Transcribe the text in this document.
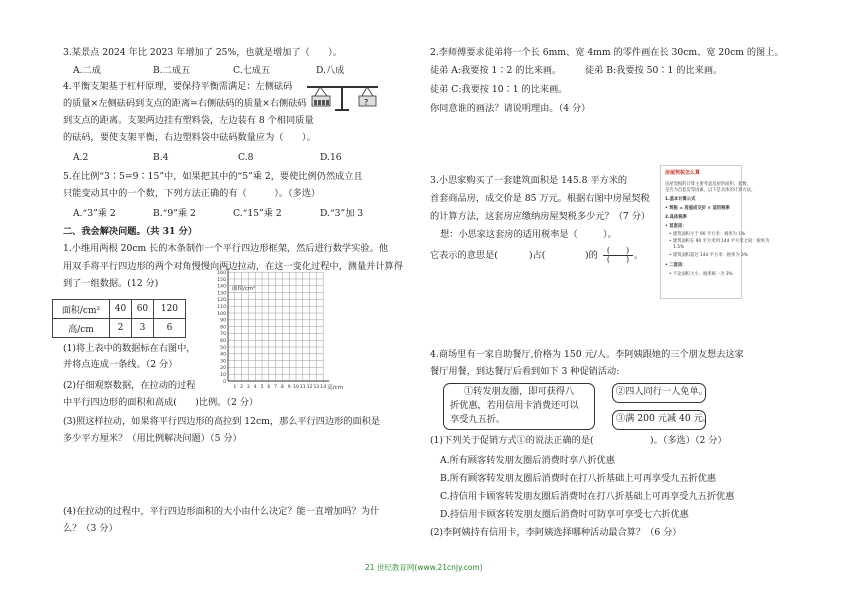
3.某景点 2024 年比 2023 年增加了 25%，也就是增加了（　　）。
A.二成	B.二成五	C.七成五	D.八成
4.平衡支架基于杠杆原理，要保持平衡需满足：左侧砝码
的质量×左侧砝码到支点的距离=右侧砝码的质量×右侧砝码
到支点的距离。支架两边挂有塑料袋，左边装有 8 个相同质量
的砝码，要使支架平衡，右边塑料袋中砝码数量应为（　　）。
?
A.2	B.4	C.8	D.16
5.在比例“3∶5=9∶15”中，如果把其中的“5”乘 2，要使比例仍然成立且
只能变动其中的一个数，下列方法正确的有（　　　）。（多选）
A.“3”乘 2	B.“9”乘 2	C.“15”乘 2	D.“3”加 3
二、我会解决问题。（共 31 分）
1.小维用两根 20cm 长的木条制作一个平行四边形框架，然后进行数学实验。他
用双手将平行四边形的两个对角慢慢向两边拉动，在这一变化过程中，测量并计算得
到了一组数据。(12 分)
面积/cm²	40	60	120
高/cm	2	3	6
0
10
20
30
40
50
60
70
80
90
100
110
120
130
140
150
160
1 2 3 4 5 6 7 8 9 10 11 12 13 14
面积/cm²
高/cm
(1)将上表中的数据标在右图中，
并将点连成一条线。（2 分）
(2)仔细观察数据，在拉动的过程
中平行四边形的面积和高成(　　)比例。（2 分）
(3)照这样拉动，如果将平行四边形的高拉到 12cm，那么平行四边形的面积是
多少平方厘米？（用比例解决问题）（5 分）
(4)在拉动的过程中，平行四边形面积的大小由什么决定？能一直增加吗？为什
么？（3 分）
2.李师傅要求徒弟将一个长 6mm、宽 4mm 的零件画在长 30cm、宽 20cm 的图上。
徒弟 A:我要按 1∶2 的比来画。	徒弟 B:我要按 50∶1 的比来画。
徒弟 C:我要按 10∶1 的比来画。
你同意谁的画法？请说明理由。（4 分）
3.小思家购买了一套建筑面积是 145.8 平方米的
首套商品房，成交价是 85 万元。根据右图中房屋契税
的计算方法，这套房应缴纳房屋契税多少元？（7 分）
想：小思家这套房的适用税率是（	）。
它表示的意思是(	)占(	)的	(　　)
(　　) 。
房屋契税怎么算
房屋契税的计算主要考虑房屋的面积、套数、
是否为首套房等因素，以下是具体的计算方法。
1.基本计算公式
• 契税 = 房屋成交价 × 适用税率
2.具体税率
• 首套房：
• 建筑面积小于 90 平方米：税率为 1%
• 建筑面积在 90 平方米到 144 平方米之间：税率为
　1.5%
• 建筑面积超过 144 平方米：税率为 3%
• 二套房：
• 不论面积大小，税率统一为 3%
4.商场里有一家自助餐厅,价格为 150 元/人。李阿姨跟她的三个朋友想去这家
餐厅用餐，到达餐厅后看到如下 3 种促销活动:
①转发朋友圈，即可获得八
折优惠，若用信用卡消费还可以
享受九五折。
②四人同行一人免单。
③满 200 元减 40 元。
(1)下列关于促销方式①的说法正确的是(	)。（多选）（2 分）
A.所有顾客转发朋友圈后消费时享八折优惠
B.所有顾客转发朋友圈后消费时在打八折基础上可再享受九五折优惠
C.持信用卡顾客转发朋友圈后消费时在打八折基础上可再享受九五折优惠
D.持信用卡顾客转发朋友圈后消费时可防享可享受七六折优惠
(2)李阿姨持有信用卡，李阿姨选择哪种活动最合算？（6 分）
21 世纪教育网(www.21cnjy.com)
